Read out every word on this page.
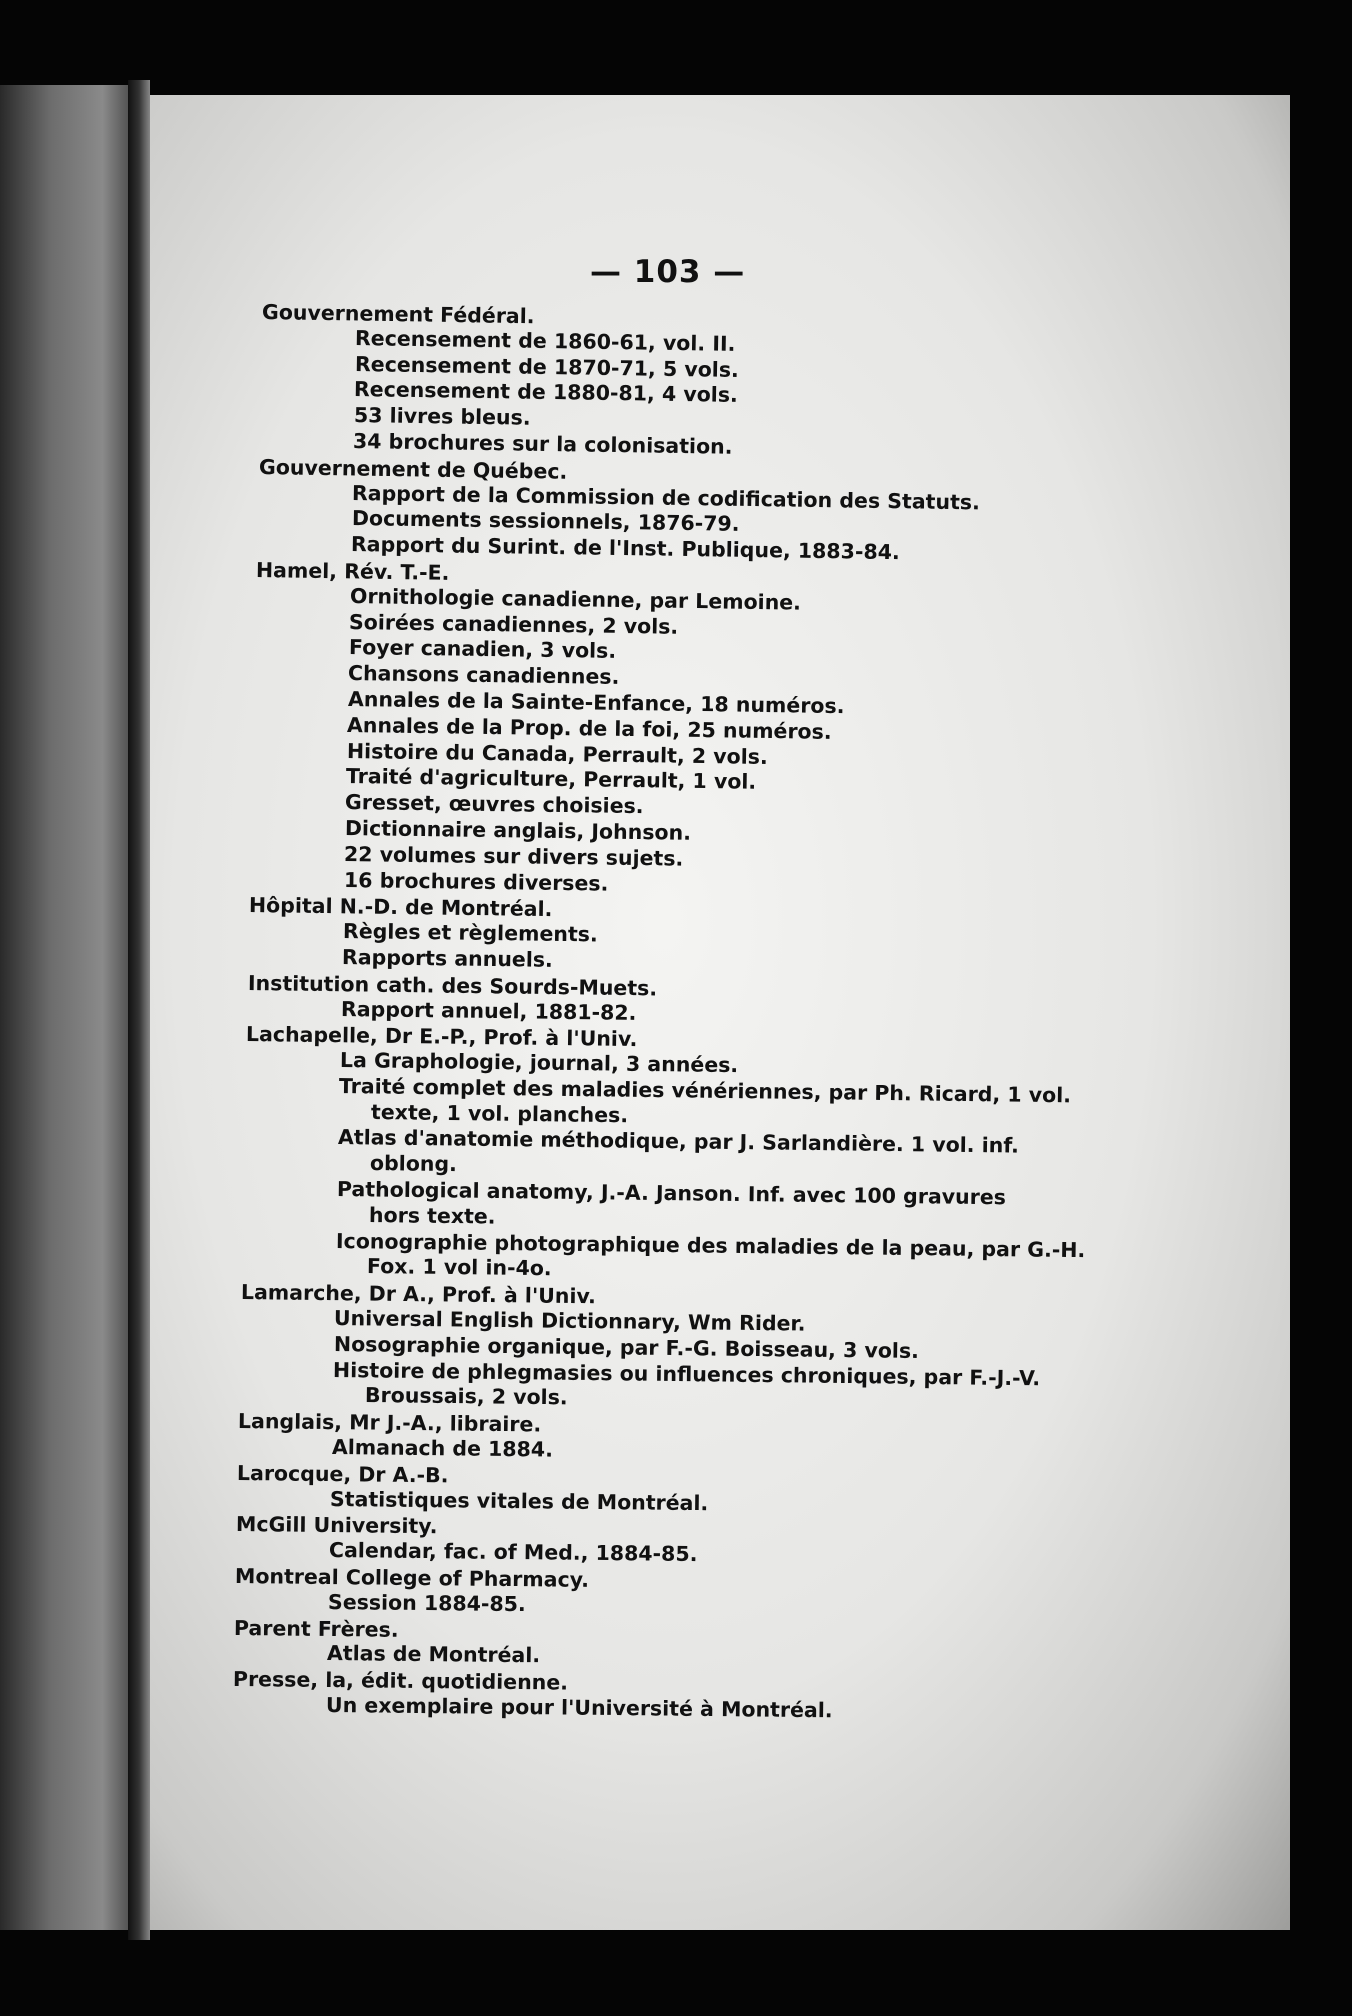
— 103 —
Gouvernement Fédéral.
Recensement de 1860-61, vol. II.
Recensement de 1870-71, 5 vols.
Recensement de 1880-81, 4 vols.
53 livres bleus.
34 brochures sur la colonisation.
Gouvernement de Québec.
Rapport de la Commission de codification des Statuts.
Documents sessionnels, 1876-79.
Rapport du Surint. de l'Inst. Publique, 1883-84.
Hamel, Rév. T.-E.
Ornithologie canadienne, par Lemoine.
Soirées canadiennes, 2 vols.
Foyer canadien, 3 vols.
Chansons canadiennes.
Annales de la Sainte-Enfance, 18 numéros.
Annales de la Prop. de la foi, 25 numéros.
Histoire du Canada, Perrault, 2 vols.
Traité d'agriculture, Perrault, 1 vol.
Gresset, œuvres choisies.
Dictionnaire anglais, Johnson.
22 volumes sur divers sujets.
16 brochures diverses.
Hôpital N.-D. de Montréal.
Règles et règlements.
Rapports annuels.
Institution cath. des Sourds-Muets.
Rapport annuel, 1881-82.
Lachapelle, Dr E.-P., Prof. à l'Univ.
La Graphologie, journal, 3 années.
Traité complet des maladies vénériennes, par Ph. Ricard, 1 vol.
texte, 1 vol. planches.
Atlas d'anatomie méthodique, par J. Sarlandière. 1 vol. inf.
oblong.
Pathological anatomy, J.-A. Janson. Inf. avec 100 gravures
hors texte.
Iconographie photographique des maladies de la peau, par G.-H.
Fox. 1 vol in-4o.
Lamarche, Dr A., Prof. à l'Univ.
Universal English Dictionnary, Wm Rider.
Nosographie organique, par F.-G. Boisseau, 3 vols.
Histoire de phlegmasies ou influences chroniques, par F.-J.-V.
Broussais, 2 vols.
Langlais, Mr J.-A., libraire.
Almanach de 1884.
Larocque, Dr A.-B.
Statistiques vitales de Montréal.
McGill University.
Calendar, fac. of Med., 1884-85.
Montreal College of Pharmacy.
Session 1884-85.
Parent Frères.
Atlas de Montréal.
Presse, la, édit. quotidienne.
Un exemplaire pour l'Université à Montréal.
